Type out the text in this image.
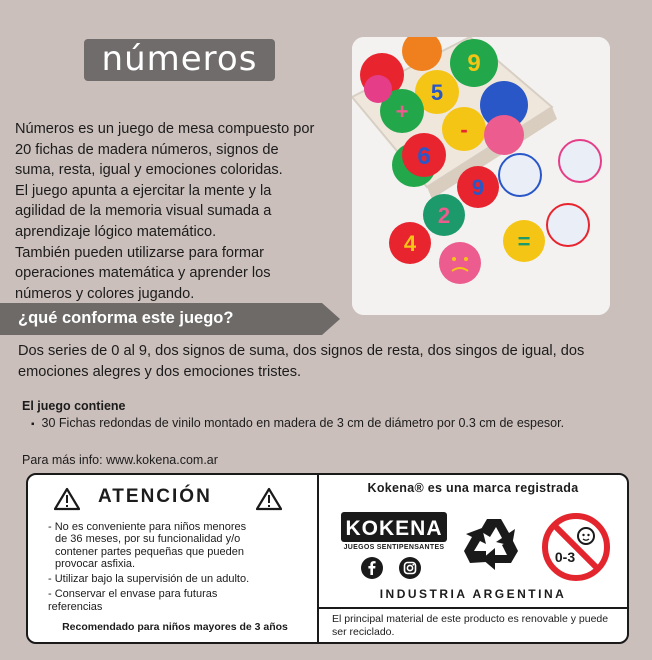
números

Números es un juego de mesa compuesto por

20 fichas de madera números, signos de

suma, resta, igual y emociones coloridas.

El juego apunta a ejercitar la mente y la

agilidad de la memoria visual sumada a

aprendizaje lógico matemático.

También pueden utilizarse para formar

operaciones matemática y aprender los

números y colores jugando.

9
5
+
-
6
9
2
4	=
¿qué conforma este juego?
Dos series de 0 al 9, dos signos de suma, dos signos de resta, dos singos de igual, dos
emociones alegres y dos emociones tristes.
El juego contiene
▪ 30 Fichas redondas de vinilo montado en madera de 3 cm de diámetro por 0.3 cm de espesor.
Para más info: www.kokena.com.ar
ATENCIÓN
- No es conveniente para niños menores
de 36 meses, por su funcionalidad y/o
contener partes pequeñas que pueden
provocar asfixia.
- Utilizar bajo la supervisión de un adulto.
- Conservar el envase para futuras
referencias
Recomendado para niños mayores de 3 años
Kokena® es una marca registrada
KOKENA
JUEGOS SENTIPENSANTES
0-3
INDUSTRIA ARGENTINA
El principal material de este producto es renovable y puede ser reciclado.
